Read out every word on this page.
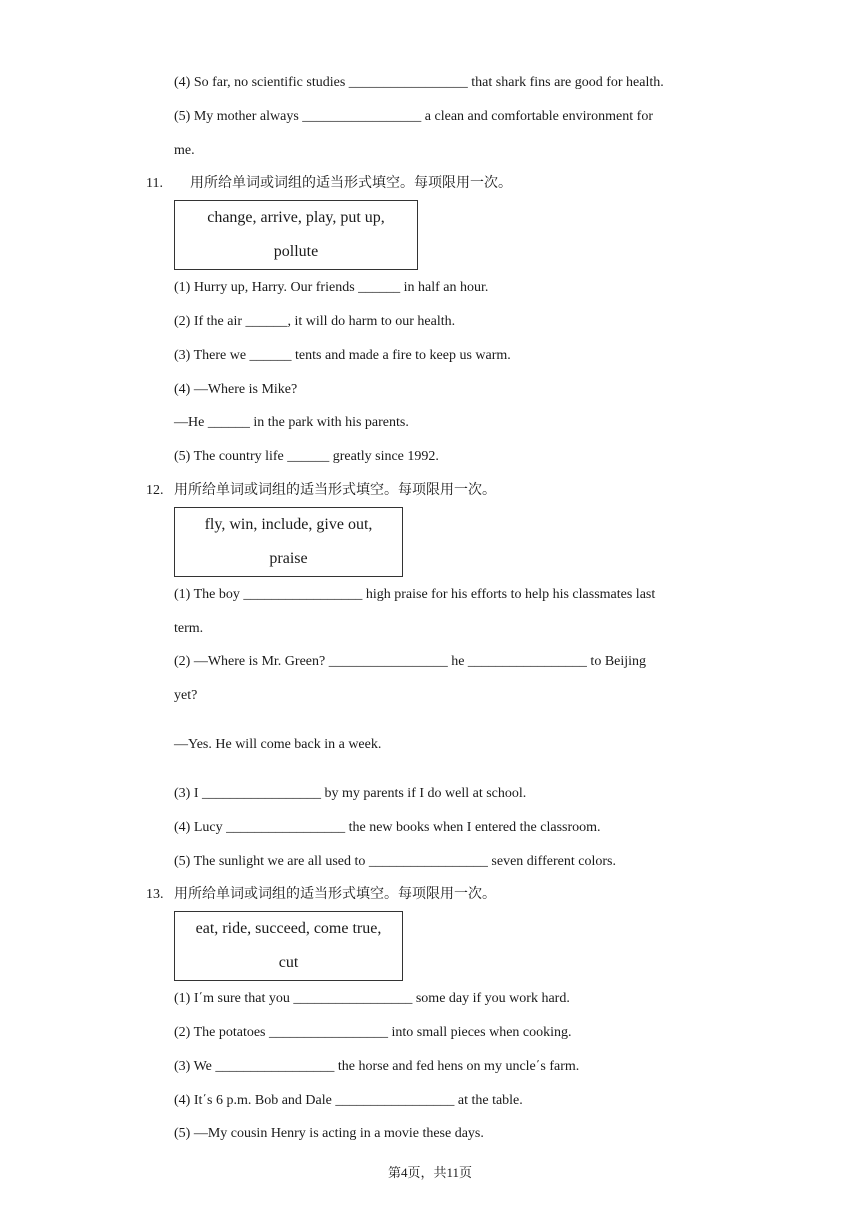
(4) So far, no scientific studies _________________ that shark fins are good for health.
(5) My mother always _________________ a clean and comfortable environment for
me.
11. 用所给单词或词组的适当形式填空。每项限用一次。
change, arrive, play, put up,
pollute
(1) Hurry up, Harry. Our friends ______ in half an hour.
(2) If the air ______, it will do harm to our health.
(3) There we ______ tents and made a fire to keep us warm.
(4) —Where is Mike?
—He ______ in the park with his parents.
(5) The country life ______ greatly since 1992.
12. 用所给单词或词组的适当形式填空。每项限用一次。
fly, win, include, give out,
praise
(1) The boy _________________ high praise for his efforts to help his classmates last
term.
(2) —Where is Mr. Green? _________________ he _________________ to Beijing
yet?
—Yes. He will come back in a week.
(3) I _________________ by my parents if I do well at school.
(4) Lucy _________________ the new books when I entered the classroom.
(5) The sunlight we are all used to _________________ seven different colors.
13. 用所给单词或词组的适当形式填空。每项限用一次。
eat, ride, succeed, come true,
cut
(1) I΄m sure that you _________________ some day if you work hard.
(2) The potatoes _________________ into small pieces when cooking.
(3) We _________________ the horse and fed hens on my uncle΄s farm.
(4) It΄s 6 p.m. Bob and Dale _________________ at the table.
(5) —My cousin Henry is acting in a movie these days.
第4页，共11页
